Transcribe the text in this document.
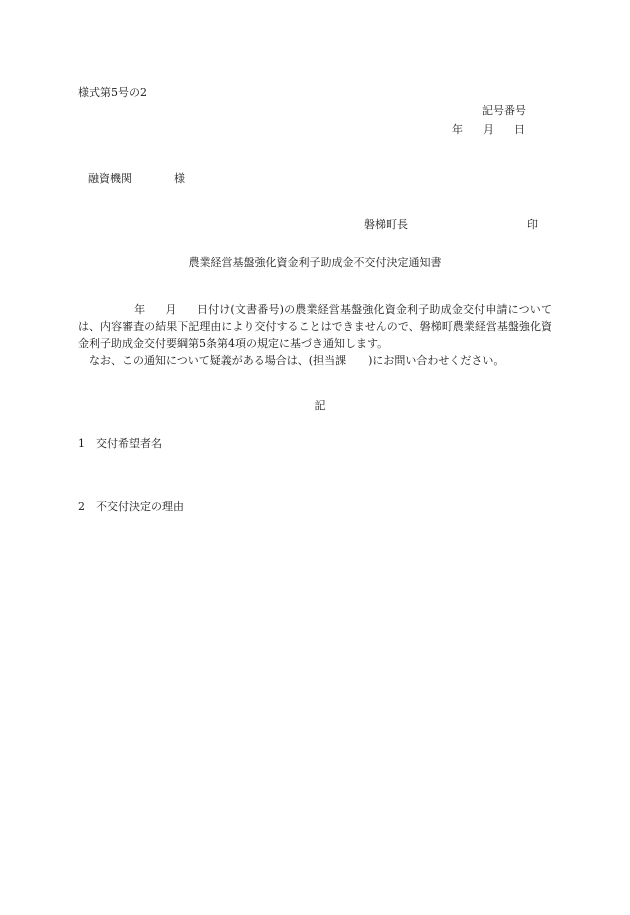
様式第5号の2
記号番号
年 月 日
融資機関	様
磐梯町長	印
農業経営基盤強化資金利子助成金不交付決定通知書

年 月 日付け(文書番号)の農業経営基盤強化資金利子助成金交付申請については、内容審査の結果下記理由により交付することはできませんので、磐梯町農業経営基盤強化資金利子助成金交付要綱第5条第4項の規定に基づき通知します。

なお、この通知について疑義がある場合は、(担当課　　)にお問い合わせください。

記
1 交付希望者名
2 不交付決定の理由
